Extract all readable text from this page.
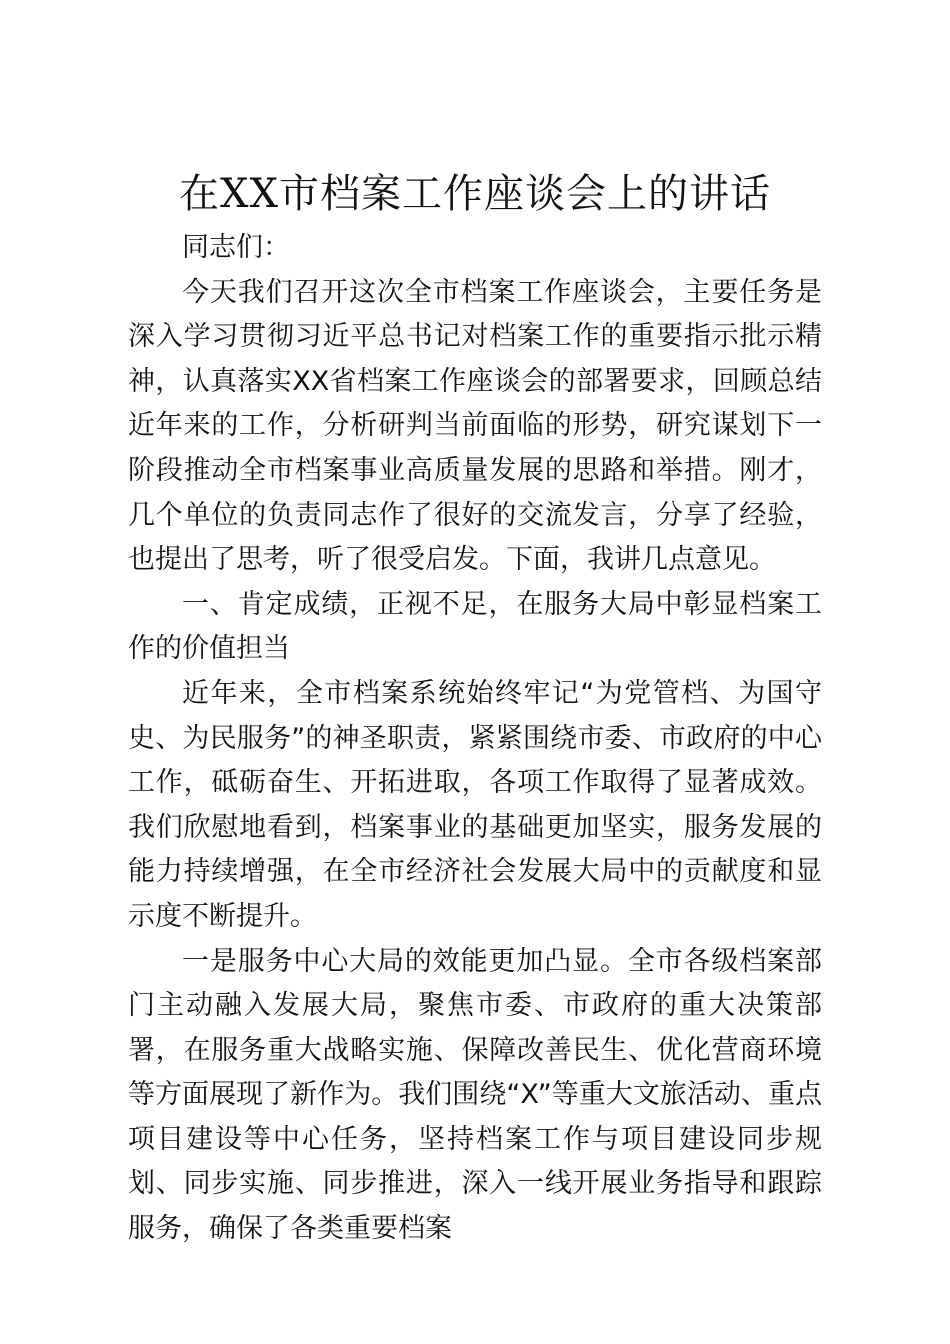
在XX市档案工作座谈会上的讲话

同志们：

今天我们召开这次全市档案工作座谈会，主要任务是深入学习贯彻习近平总书记对档案工作的重要指示批示精神，认真落实XX省档案工作座谈会的部署要求，回顾总结近年来的工作，分析研判当前面临的形势，研究谋划下一阶段推动全市档案事业高质量发展的思路和举措。刚才，几个单位的负责同志作了很好的交流发言，分享了经验，也提出了思考，听了很受启发。下面，我讲几点意见。

一、肯定成绩，正视不足，在服务大局中彰显档案工作的价值担当

近年来，全市档案系统始终牢记“为党管档、为国守史、为民服务”的神圣职责，紧紧围绕市委、市政府的中心工作，砥砺奋生、开拓进取，各项工作取得了显著成效。我们欣慰地看到，档案事业的基础更加坚实，服务发展的能力持续增强，在全市经济社会发展大局中的贡献度和显示度不断提升。

一是服务中心大局的效能更加凸显。全市各级档案部门主动融入发展大局，聚焦市委、市政府的重大决策部署，在服务重大战略实施、保障改善民生、优化营商环境等方面展现了新作为。我们围绕“X”等重大文旅活动、重点项目建设等中心任务，坚持档案工作与项目建设同步规划、同步实施、同步推进，深入一线开展业务指导和跟踪服务，确保了各类重要档案
